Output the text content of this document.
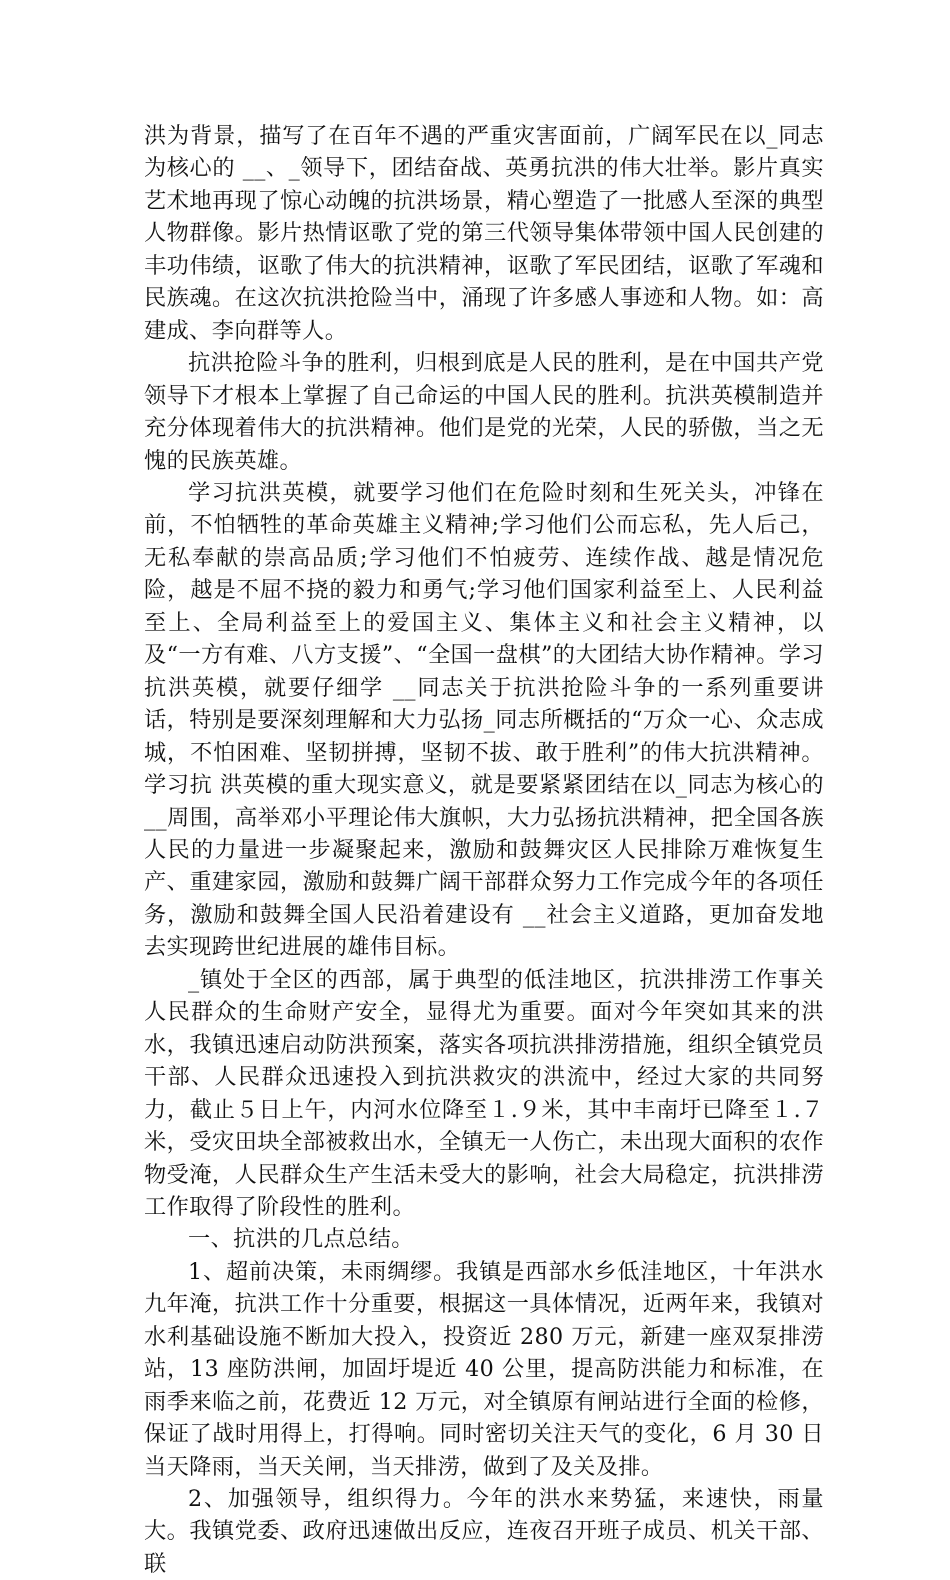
洪为背景，描写了在百年不遇的严重灾害面前，广阔军民在以_同志为核心的 __、_领导下，团结奋战、英勇抗洪的伟大壮举。影片真实艺术地再现了惊心动魄的抗洪场景，精心塑造了一批感人至深的典型人物群像。影片热情讴歌了党的第三代领导集体带领中国人民创建的丰功伟绩，讴歌了伟大的抗洪精神，讴歌了军民团结，讴歌了军魂和民族魂。在这次抗洪抢险当中，涌现了许多感人事迹和人物。如：高建成、李向群等人。

抗洪抢险斗争的胜利，归根到底是人民的胜利，是在中国共产党领导下才根本上掌握了自己命运的中国人民的胜利。抗洪英模制造并充分体现着伟大的抗洪精神。他们是党的光荣，人民的骄傲，当之无愧的民族英雄。

学习抗洪英模，就要学习他们在危险时刻和生死关头，冲锋在前，不怕牺牲的革命英雄主义精神;学习他们公而忘私，先人后己，无私奉献的崇高品质;学习他们不怕疲劳、连续作战、越是情况危险，越是不屈不挠的毅力和勇气;学习他们国家利益至上、人民利益至上、全局利益至上的爱国主义、集体主义和社会主义精神，以及“一方有难、八方支援”、“全国一盘棋”的大团结大协作精神。学习抗洪英模，就要仔细学 __同志关于抗洪抢险斗争的一系列重要讲话，特别是要深刻理解和大力弘扬_同志所概括的“万众一心、众志成城，不怕困难、坚韧拼搏，坚韧不拔、敢于胜利”的伟大抗洪精神。学习抗 洪英模的重大现实意义，就是要紧紧团结在以_同志为核心的__周围，高举邓小平理论伟大旗帜，大力弘扬抗洪精神，把全国各族人民的力量进一步凝聚起来，激励和鼓舞灾区人民排除万难恢复生产、重建家园，激励和鼓舞广阔干部群众努力工作完成今年的各项任务，激励和鼓舞全国人民沿着建设有 __社会主义道路，更加奋发地去实现跨世纪进展的雄伟目标。

_镇处于全区的西部，属于典型的低洼地区，抗洪排涝工作事关人民群众的生命财产安全，显得尤为重要。面对今年突如其来的洪水，我镇迅速启动防洪预案，落实各项抗洪排涝措施，组织全镇党员干部、人民群众迅速投入到抗洪救灾的洪流中，经过大家的共同努力，截止５日上午，内河水位降至１.９米，其中丰南圩已降至１.７米，受灾田块全部被救出水，全镇无一人伤亡，未出现大面积的农作物受淹，人民群众生产生活未受大的影响，社会大局稳定，抗洪排涝工作取得了阶段性的胜利。

一、抗洪的几点总结。

1、超前决策，未雨绸缪。我镇是西部水乡低洼地区，十年洪水九年淹，抗洪工作十分重要，根据这一具体情况，近两年来，我镇对水利基础设施不断加大投入，投资近 280 万元，新建一座双泵排涝站，13 座防洪闸，加固圩堤近 40 公里，提高防洪能力和标准，在雨季来临之前，花费近 12 万元，对全镇原有闸站进行全面的检修，保证了战时用得上，打得响。同时密切关注天气的变化，6 月 30 日当天降雨，当天关闸，当天排涝，做到了及关及排。

2、加强领导，组织得力。今年的洪水来势猛，来速快，雨量大。我镇党委、政府迅速做出反应，连夜召开班子成员、机关干部、联
